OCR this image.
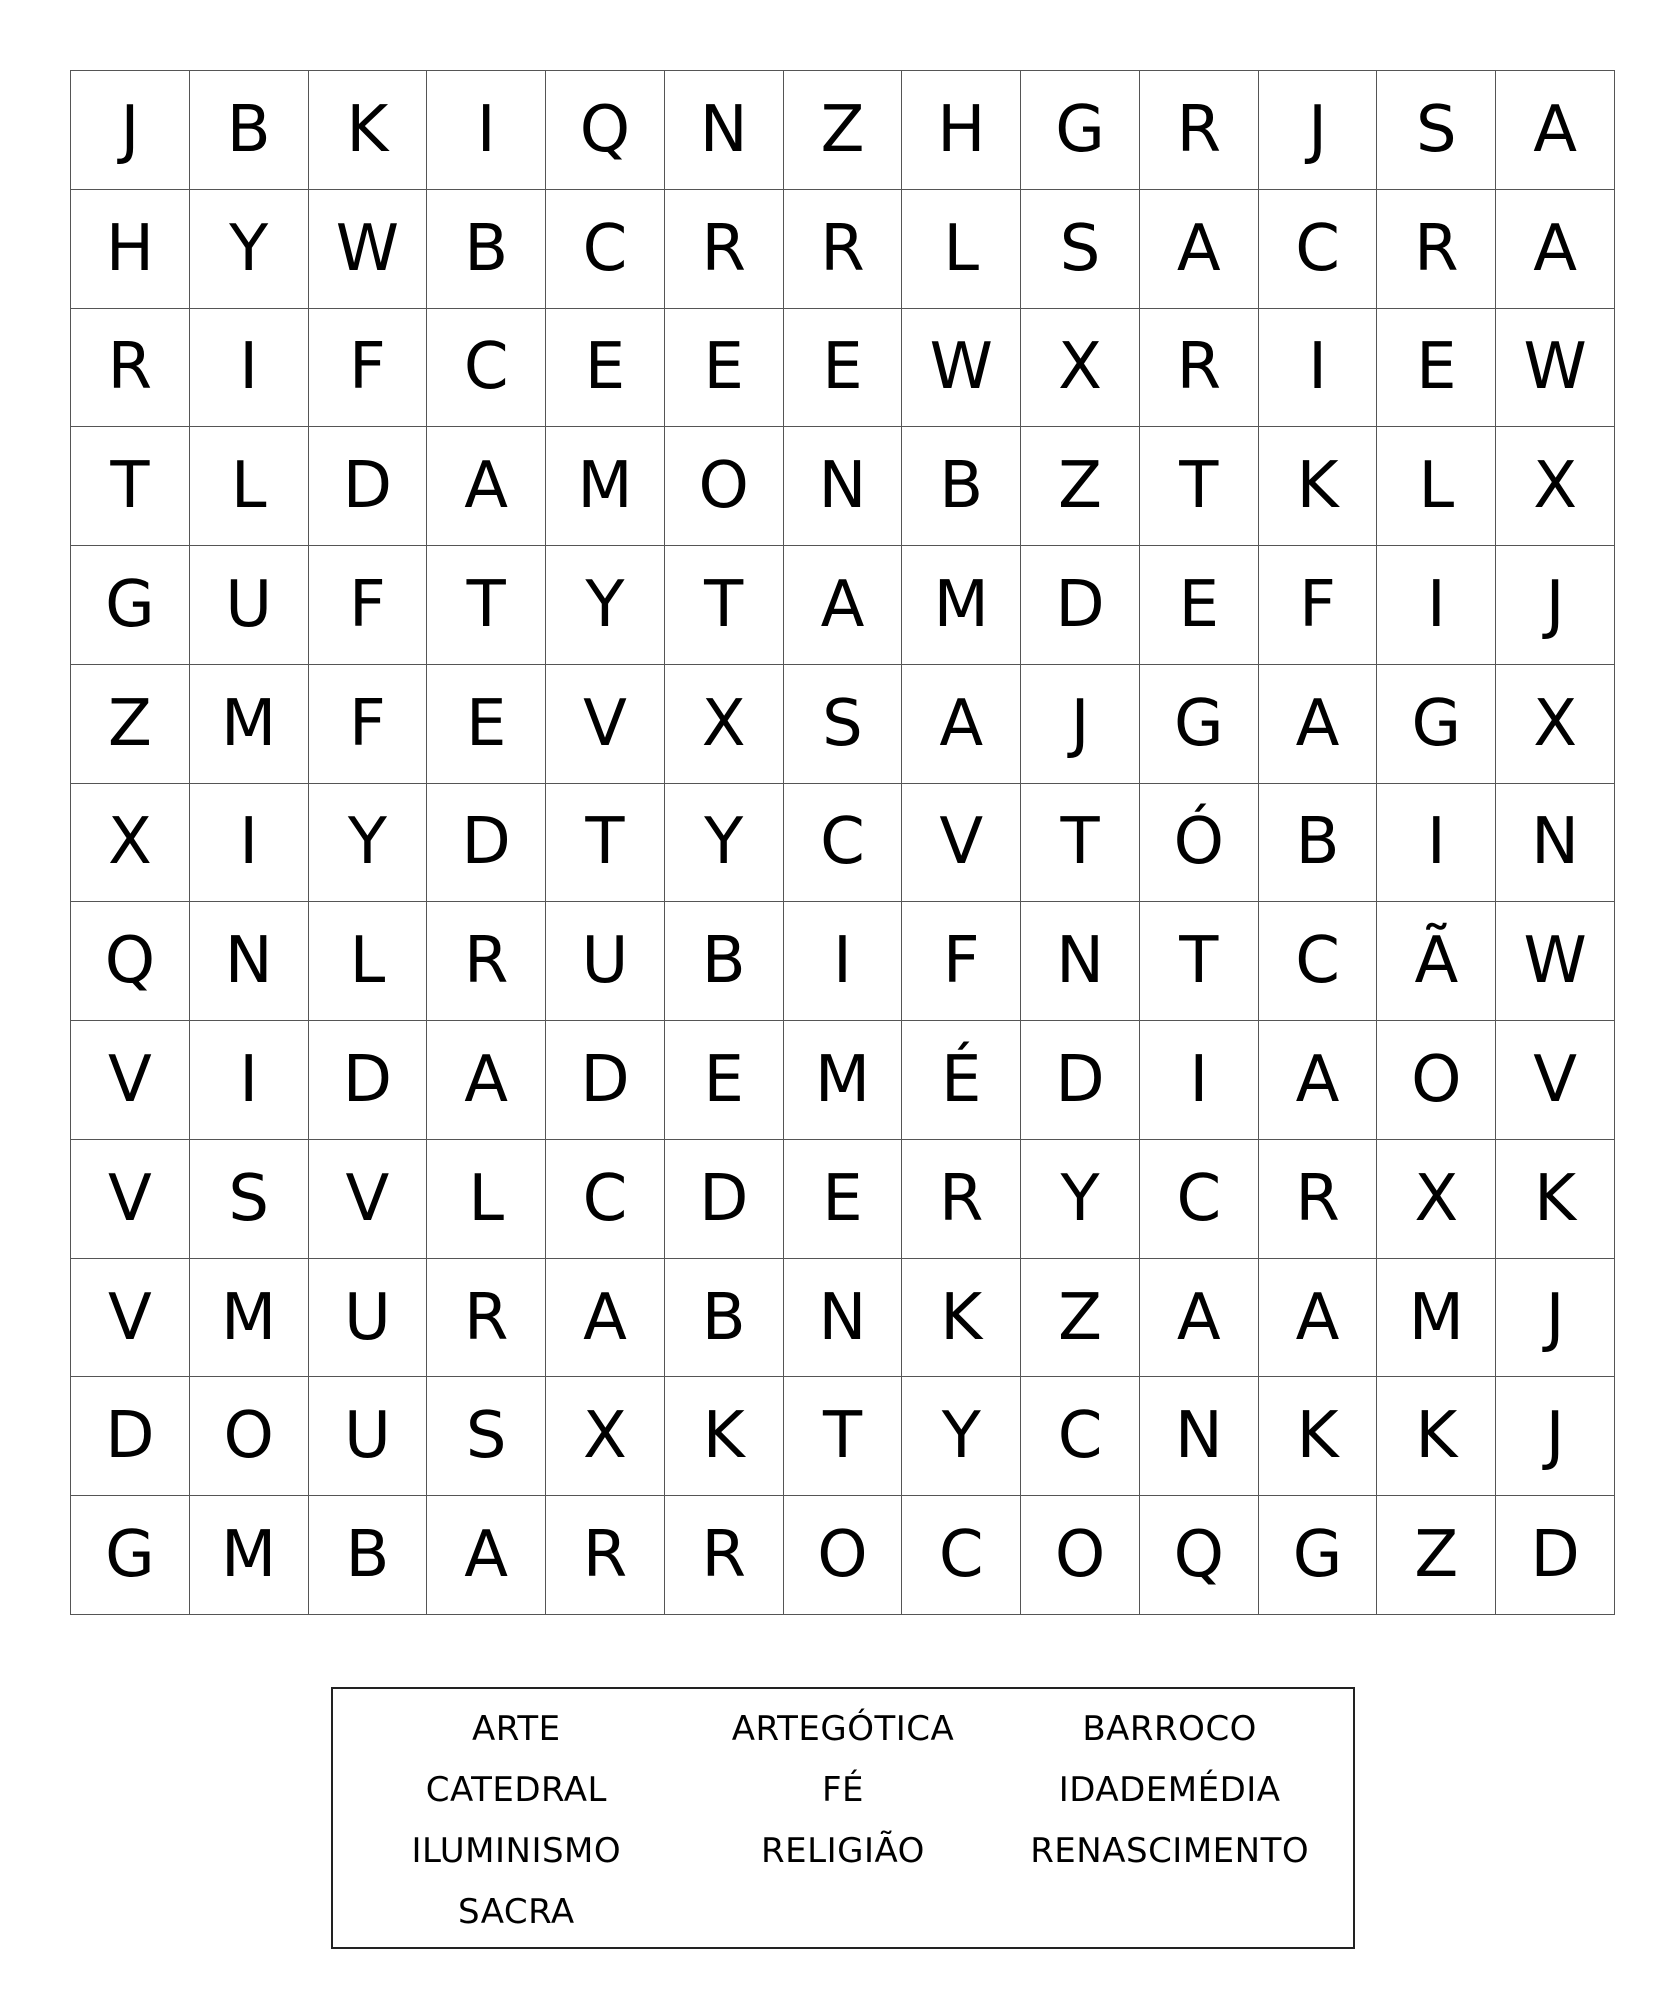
J	B	K	I	Q	N	Z	H	G	R	J	S	A
H	Y	W	B	C	R	R	L	S	A	C	R	A
R	I	F	C	E	E	E	W	X	R	I	E	W
T	L	D	A	M	O	N	B	Z	T	K	L	X
G	U	F	T	Y	T	A	M	D	E	F	I	J
Z	M	F	E	V	X	S	A	J	G	A	G	X
X	I	Y	D	T	Y	C	V	T	Ó	B	I	N
Q	N	L	R	U	B	I	F	N	T	C	Ã	W
V	I	D	A	D	E	M	É	D	I	A	O	V
V	S	V	L	C	D	E	R	Y	C	R	X	K
V	M	U	R	A	B	N	K	Z	A	A	M	J
D	O	U	S	X	K	T	Y	C	N	K	K	J
G	M	B	A	R	R	O	C	O	Q	G	Z	D
ARTE	ARTEGÓTICA	BARROCO
CATEDRAL	FÉ	IDADEMÉDIA
ILUMINISMO	RELIGIÃO	RENASCIMENTO
SACRA
